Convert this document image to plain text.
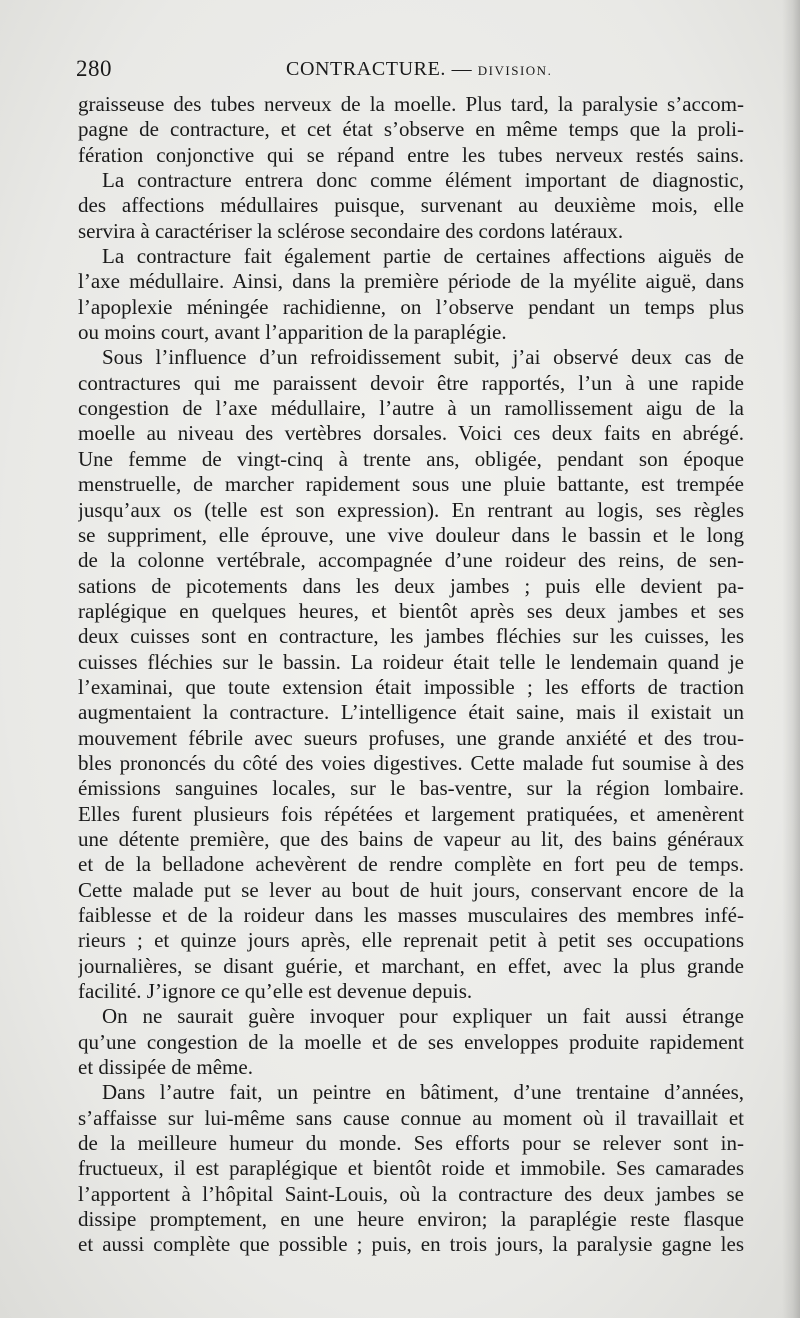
280	CONTRACTURE. — DIVISION.
graisseuse des tubes nerveux de la moelle. Plus tard, la paralysie s’accom-
pagne de contracture, et cet état s’observe en même temps que la proli-
fération conjonctive qui se répand entre les tubes nerveux restés sains.
La contracture entrera donc comme élément important de diagnostic,
des affections médullaires puisque, survenant au deuxième mois, elle
servira à caractériser la sclérose secondaire des cordons latéraux.
La contracture fait également partie de certaines affections aiguës de
l’axe médullaire. Ainsi, dans la première période de la myélite aiguë, dans
l’apoplexie méningée rachidienne, on l’observe pendant un temps plus
ou moins court, avant l’apparition de la paraplégie.
Sous l’influence d’un refroidissement subit, j’ai observé deux cas de
contractures qui me paraissent devoir être rapportés, l’un à une rapide
congestion de l’axe médullaire, l’autre à un ramollissement aigu de la
moelle au niveau des vertèbres dorsales. Voici ces deux faits en abrégé.
Une femme de vingt-cinq à trente ans, obligée, pendant son époque
menstruelle, de marcher rapidement sous une pluie battante, est trempée
jusqu’aux os (telle est son expression). En rentrant au logis, ses règles
se suppriment, elle éprouve, une vive douleur dans le bassin et le long
de la colonne vertébrale, accompagnée d’une roideur des reins, de sen-
sations de picotements dans les deux jambes ; puis elle devient pa-
raplégique en quelques heures, et bientôt après ses deux jambes et ses
deux cuisses sont en contracture, les jambes fléchies sur les cuisses, les
cuisses fléchies sur le bassin. La roideur était telle le lendemain quand je
l’examinai, que toute extension était impossible ; les efforts de traction
augmentaient la contracture. L’intelligence était saine, mais il existait un
mouvement fébrile avec sueurs profuses, une grande anxiété et des trou-
bles prononcés du côté des voies digestives. Cette malade fut soumise à des
émissions sanguines locales, sur le bas-ventre, sur la région lombaire.
Elles furent plusieurs fois répétées et largement pratiquées, et amenèrent
une détente première, que des bains de vapeur au lit, des bains généraux
et de la belladone achevèrent de rendre complète en fort peu de temps.
Cette malade put se lever au bout de huit jours, conservant encore de la
faiblesse et de la roideur dans les masses musculaires des membres infé-
rieurs ; et quinze jours après, elle reprenait petit à petit ses occupations
journalières, se disant guérie, et marchant, en effet, avec la plus grande
facilité. J’ignore ce qu’elle est devenue depuis.
On ne saurait guère invoquer pour expliquer un fait aussi étrange
qu’une congestion de la moelle et de ses enveloppes produite rapidement
et dissipée de même.
Dans l’autre fait, un peintre en bâtiment, d’une trentaine d’années,
s’affaisse sur lui-même sans cause connue au moment où il travaillait et
de la meilleure humeur du monde. Ses efforts pour se relever sont in-
fructueux, il est paraplégique et bientôt roide et immobile. Ses camarades
l’apportent à l’hôpital Saint-Louis, où la contracture des deux jambes se
dissipe promptement, en une heure environ; la paraplégie reste flasque
et aussi complète que possible ; puis, en trois jours, la paralysie gagne les
